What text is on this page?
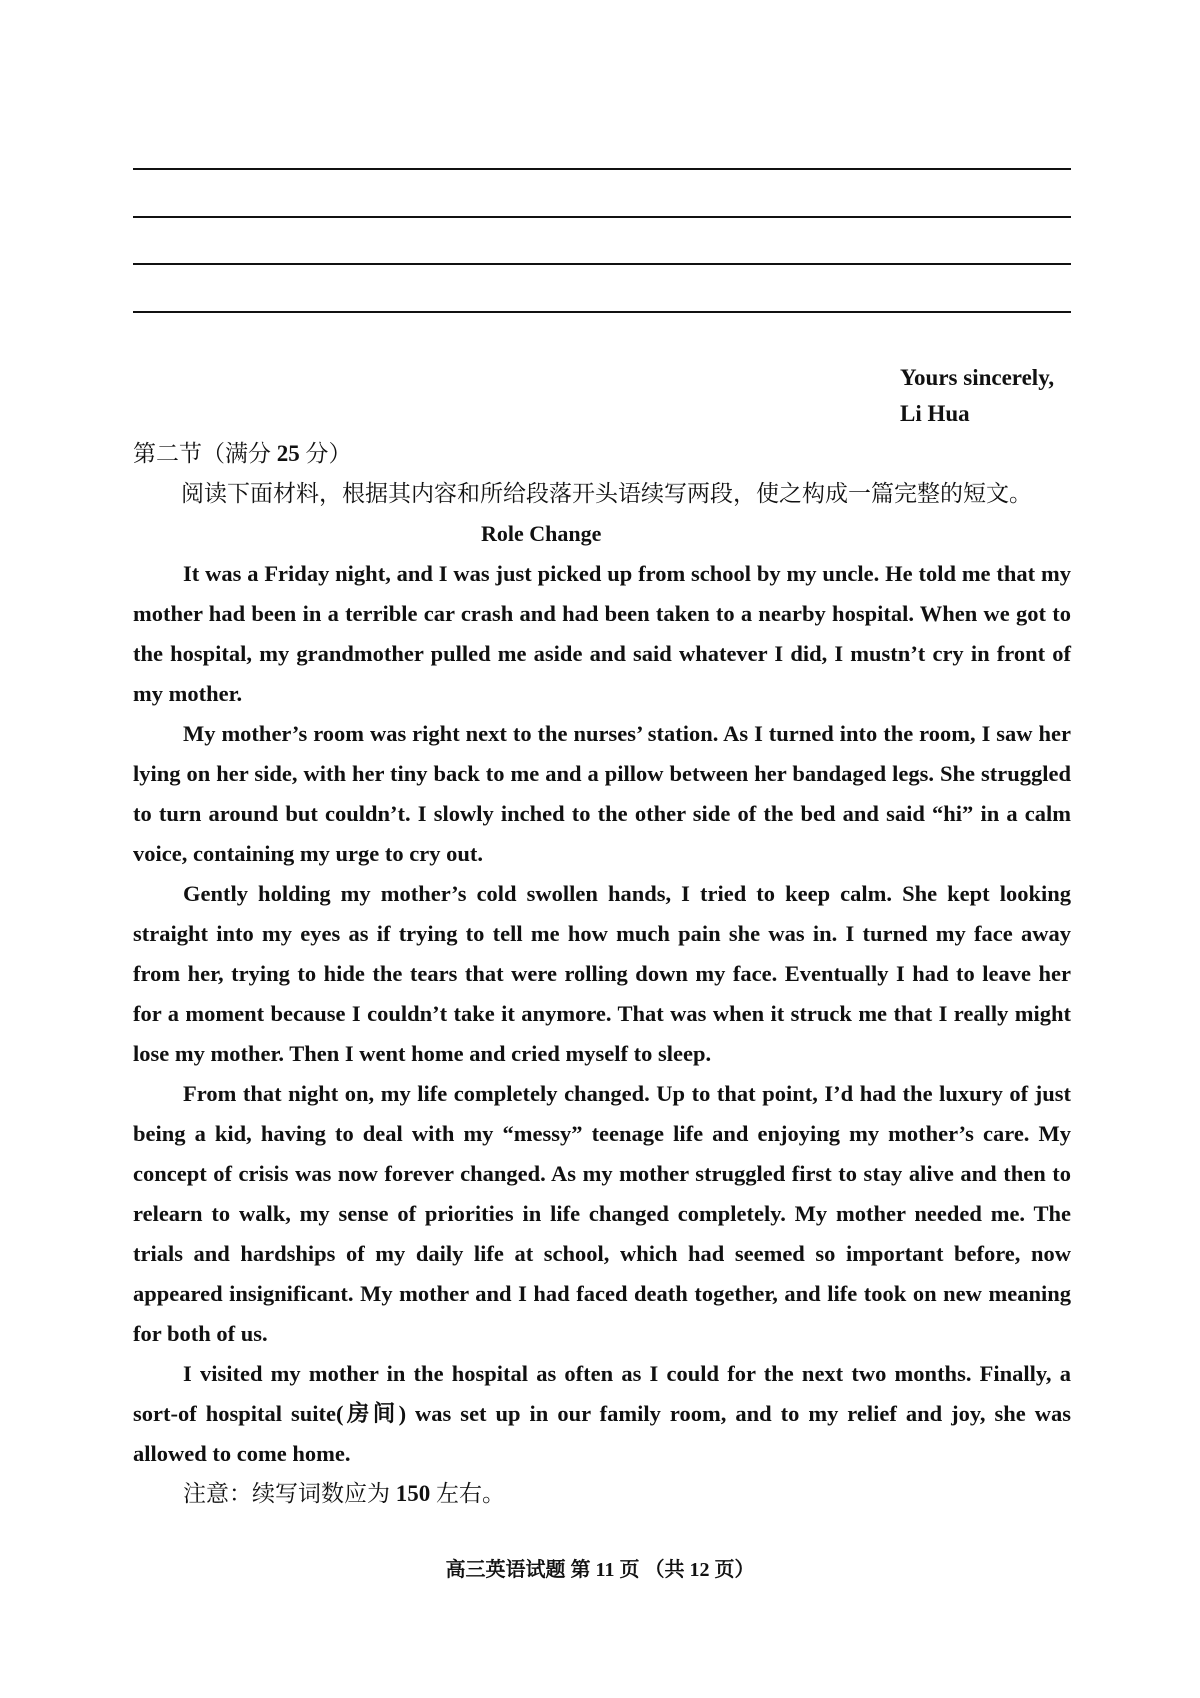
Yours sincerely,
Li Hua

第二节（满分 25 分）

阅读下面材料，根据其内容和所给段落开头语续写两段，使之构成一篇完整的短文。

Role Change

It was a Friday night, and I was just picked up from school by my uncle. He told me that my mother had been in a terrible car crash and had been taken to a nearby hospital. When we got to the hospital, my grandmother pulled me aside and said whatever I did, I mustn’t cry in front of my mother.

My mother’s room was right next to the nurses’ station. As I turned into the room, I saw her lying on her side, with her tiny back to me and a pillow between her bandaged legs. She struggled to turn around but couldn’t. I slowly inched to the other side of the bed and said “hi” in a calm voice, containing my urge to cry out.

Gently holding my mother’s cold swollen hands, I tried to keep calm. She kept looking straight into my eyes as if trying to tell me how much pain she was in. I turned my face away from her, trying to hide the tears that were rolling down my face. Eventually I had to leave her for a moment because I couldn’t take it anymore. That was when it struck me that I really might lose my mother. Then I went home and cried myself to sleep.

From that night on, my life completely changed. Up to that point, I’d had the luxury of just being a kid, having to deal with my “messy” teenage life and enjoying my mother’s care. My concept of crisis was now forever changed. As my mother struggled first to stay alive and then to relearn to walk, my sense of priorities in life changed completely. My mother needed me. The trials and hardships of my daily life at school, which had seemed so important before, now appeared insignificant. My mother and I had faced death together, and life took on new meaning for both of us.

I visited my mother in the hospital as often as I could for the next two months. Finally, a sort-of hospital suite(房间) was set up in our family room, and to my relief and joy, she was allowed to come home.

注意：续写词数应为 150 左右。

高三英语试题 第 11 页 （共 12 页）
